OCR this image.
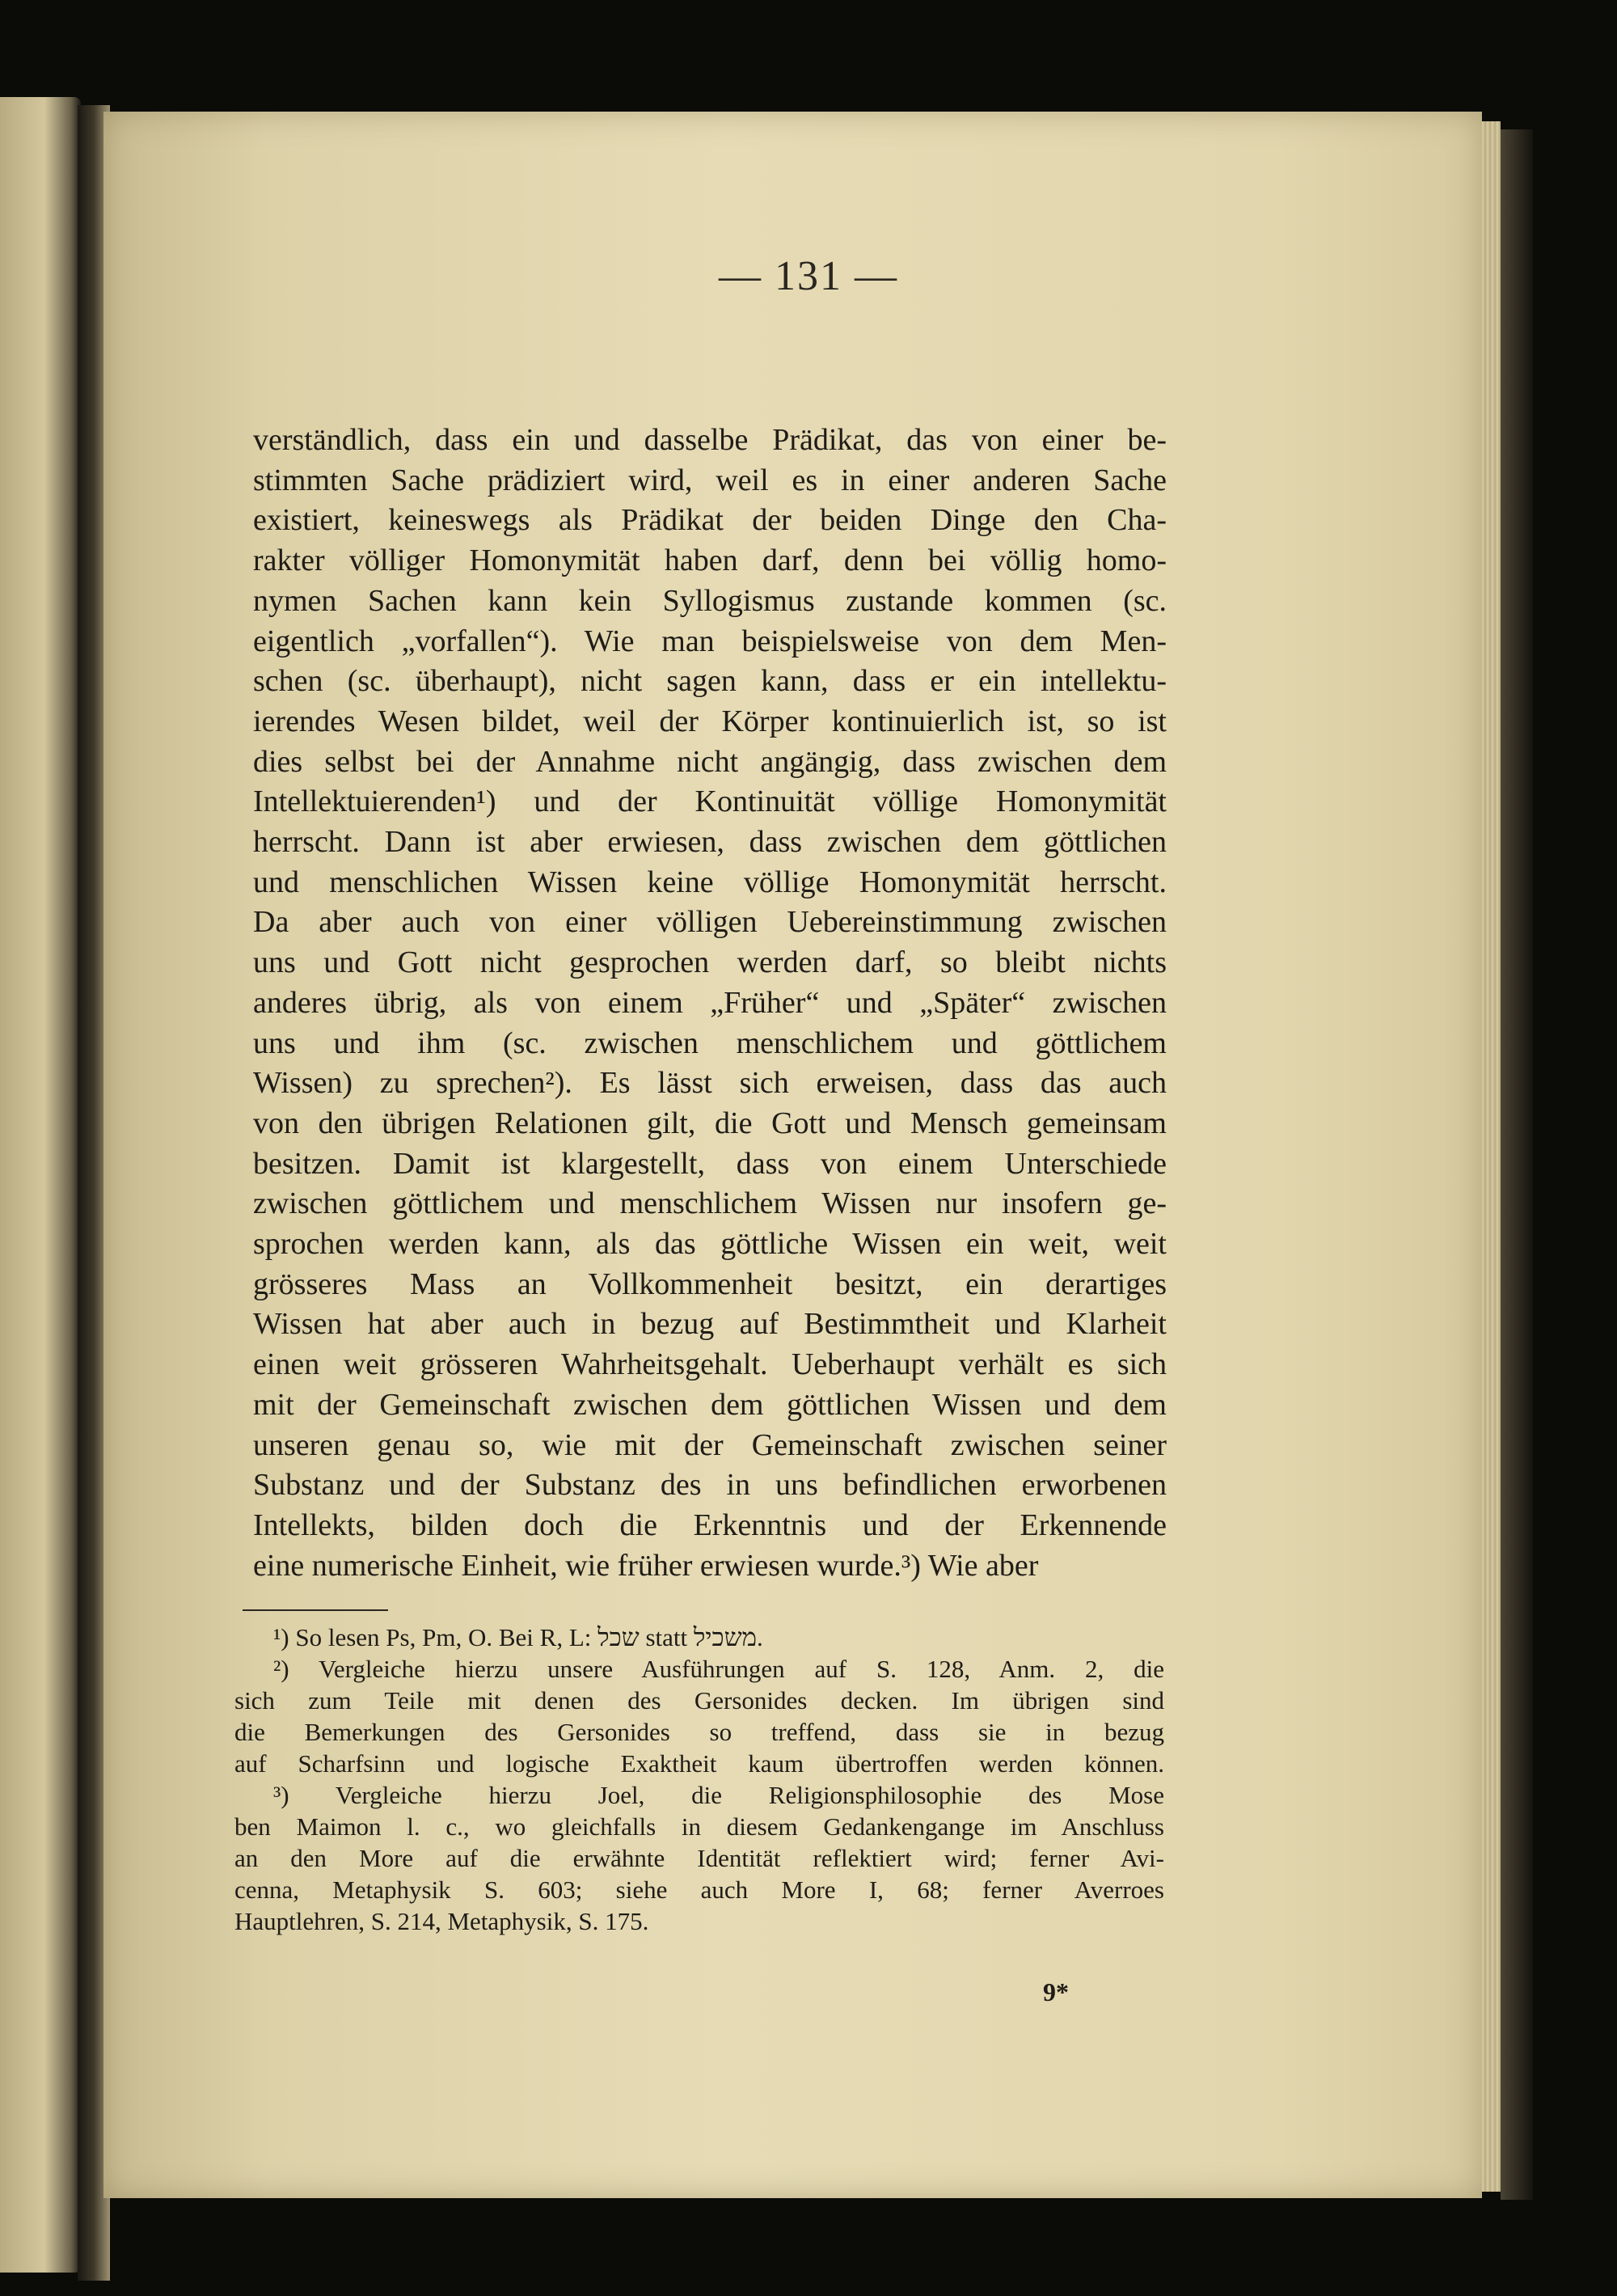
— 131 —
verständlich, dass ein und dasselbe Prädikat, das von einer be-
stimmten Sache prädiziert wird, weil es in einer anderen Sache
existiert, keineswegs als Prädikat der beiden Dinge den Cha-
rakter völliger Homonymität haben darf, denn bei völlig homo-
nymen Sachen kann kein Syllogismus zustande kommen (sc.
eigentlich „vorfallen“). Wie man beispielsweise von dem Men-
schen (sc. überhaupt), nicht sagen kann, dass er ein intellektu-
ierendes Wesen bildet, weil der Körper kontinuierlich ist, so ist
dies selbst bei der Annahme nicht angängig, dass zwischen dem
Intellektuierenden¹) und der Kontinuität völlige Homonymität
herrscht. Dann ist aber erwiesen, dass zwischen dem göttlichen
und menschlichen Wissen keine völlige Homonymität herrscht.
Da aber auch von einer völligen Uebereinstimmung zwischen
uns und Gott nicht gesprochen werden darf, so bleibt nichts
anderes übrig, als von einem „Früher“ und „Später“ zwischen
uns und ihm (sc. zwischen menschlichem und göttlichem
Wissen) zu sprechen²). Es lässt sich erweisen, dass das auch
von den übrigen Relationen gilt, die Gott und Mensch gemeinsam
besitzen. Damit ist klargestellt, dass von einem Unterschiede
zwischen göttlichem und menschlichem Wissen nur insofern ge-
sprochen werden kann, als das göttliche Wissen ein weit, weit
grösseres Mass an Vollkommenheit besitzt, ein derartiges
Wissen hat aber auch in bezug auf Bestimmtheit und Klarheit
einen weit grösseren Wahrheitsgehalt. Ueberhaupt verhält es sich
mit der Gemeinschaft zwischen dem göttlichen Wissen und dem
unseren genau so, wie mit der Gemeinschaft zwischen seiner
Substanz und der Substanz des in uns befindlichen erworbenen
Intellekts, bilden doch die Erkenntnis und der Erkennende
eine numerische Einheit, wie früher erwiesen wurde.³) Wie aber
¹) So lesen Ps, Pm, O. Bei R, L: שכל statt משכיל.
²) Vergleiche hierzu unsere Ausführungen auf S. 128, Anm. 2, die
sich zum Teile mit denen des Gersonides decken. Im übrigen sind
die Bemerkungen des Gersonides so treffend, dass sie in bezug
auf Scharfsinn und logische Exaktheit kaum übertroffen werden können.
³) Vergleiche hierzu Joel, die Religionsphilosophie des Mose
ben Maimon l. c., wo gleichfalls in diesem Gedankengange im Anschluss
an den More auf die erwähnte Identität reflektiert wird; ferner Avi-
cenna, Metaphysik S. 603; siehe auch More I, 68; ferner Averroes
Hauptlehren, S. 214, Metaphysik, S. 175.
9*
